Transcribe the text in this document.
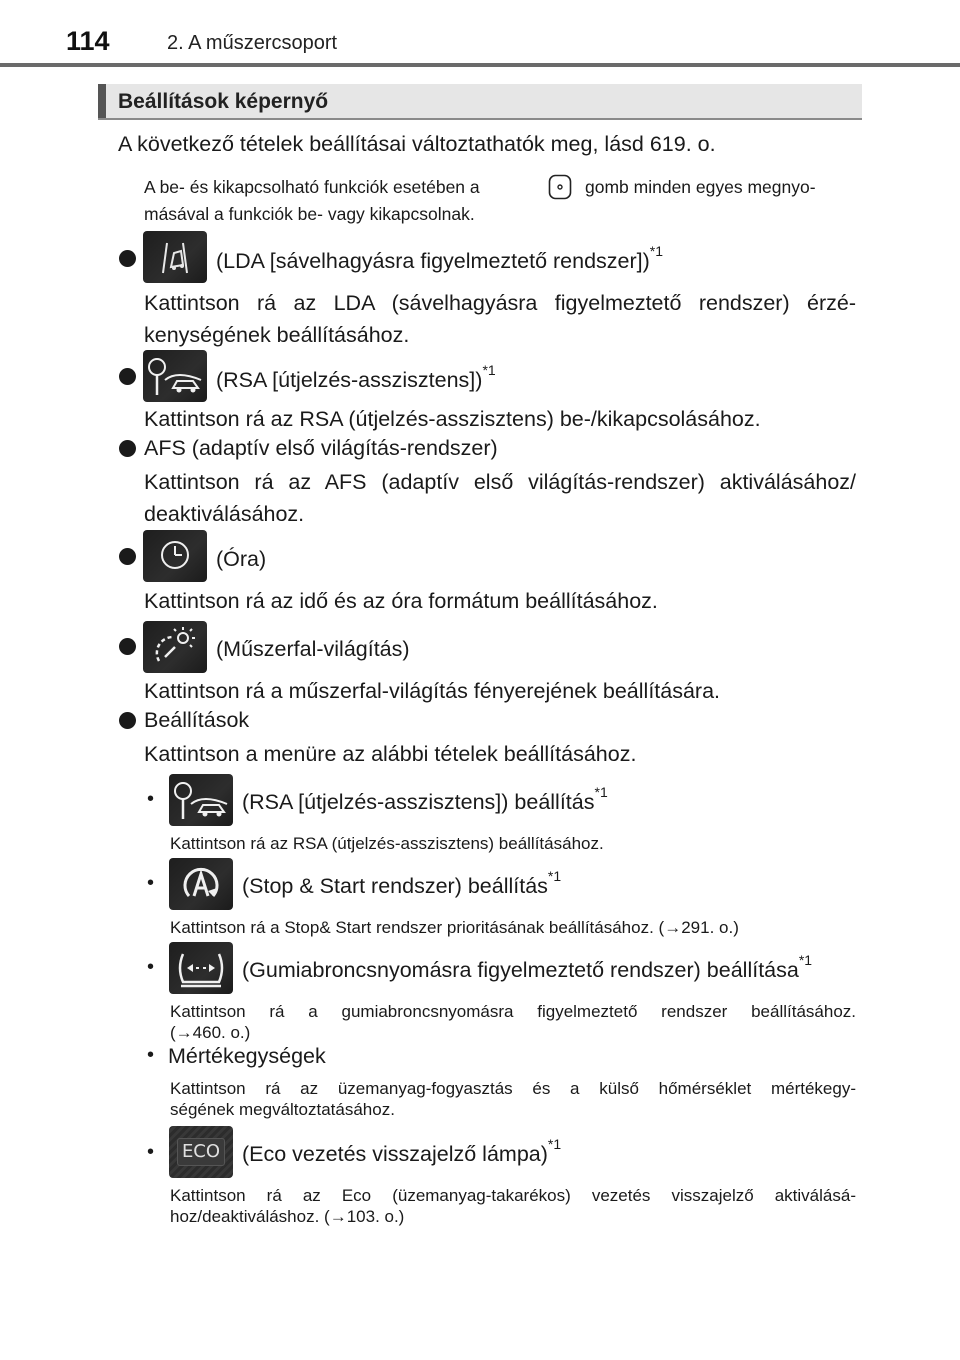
114	2. A műszercsoport
Beállítások képernyő
A következő tételek beállításai változtathatók meg, lásd 619. o.
A be- és kikapcsolható funkciók esetében a	gomb minden egyes megnyo-
másával a funkciók be- vagy kikapcsolnak.
(LDA [sávelhagyásra figyelmeztető rendszer])$^{*1}$
Kattintson rá az LDA (sávelhagyásra figyelmeztető rendszer) érzé-kenységének beállításához.
(RSA [útjelzés-asszisztens])$^{*1}$
Kattintson rá az RSA (útjelzés-asszisztens) be-/kikapcsolásához.
AFS (adaptív első világítás-rendszer)
Kattintson rá az AFS (adaptív első világítás-rendszer) aktiválásához/ deaktiválásához.
(Óra)
Kattintson rá az idő és az óra formátum beállításához.
(Műszerfal-világítás)
Kattintson rá a műszerfal-világítás fényerejének beállítására.
Beállítások
Kattintson a menüre az alábbi tételek beállításához.
•	(RSA [útjelzés-asszisztens]) beállítás$^{*1}$
Kattintson rá az RSA (útjelzés-asszisztens) beállításához.
•	(Stop & Start rendszer) beállítás$^{*1}$
Kattintson rá a Stop& Start rendszer prioritásának beállításához. (→291. o.)
•	(Gumiabroncsnyomásra figyelmeztető rendszer) beállítása$^{*1}$
Kattintson rá a gumiabroncsnyomásra figyelmeztető rendszer beállításához.
(→460. o.)
• Mértékegységek
Kattintson rá az üzemanyag-fogyasztás és a külső hőmérséklet mértékegy-
ségének megváltoztatásához.
• ECO (Eco vezetés visszajelző lámpa)$^{*1}$
Kattintson rá az Eco (üzemanyag-takarékos) vezetés visszajelző aktiválásá-
hoz/deaktiváláshoz. (→103. o.)
